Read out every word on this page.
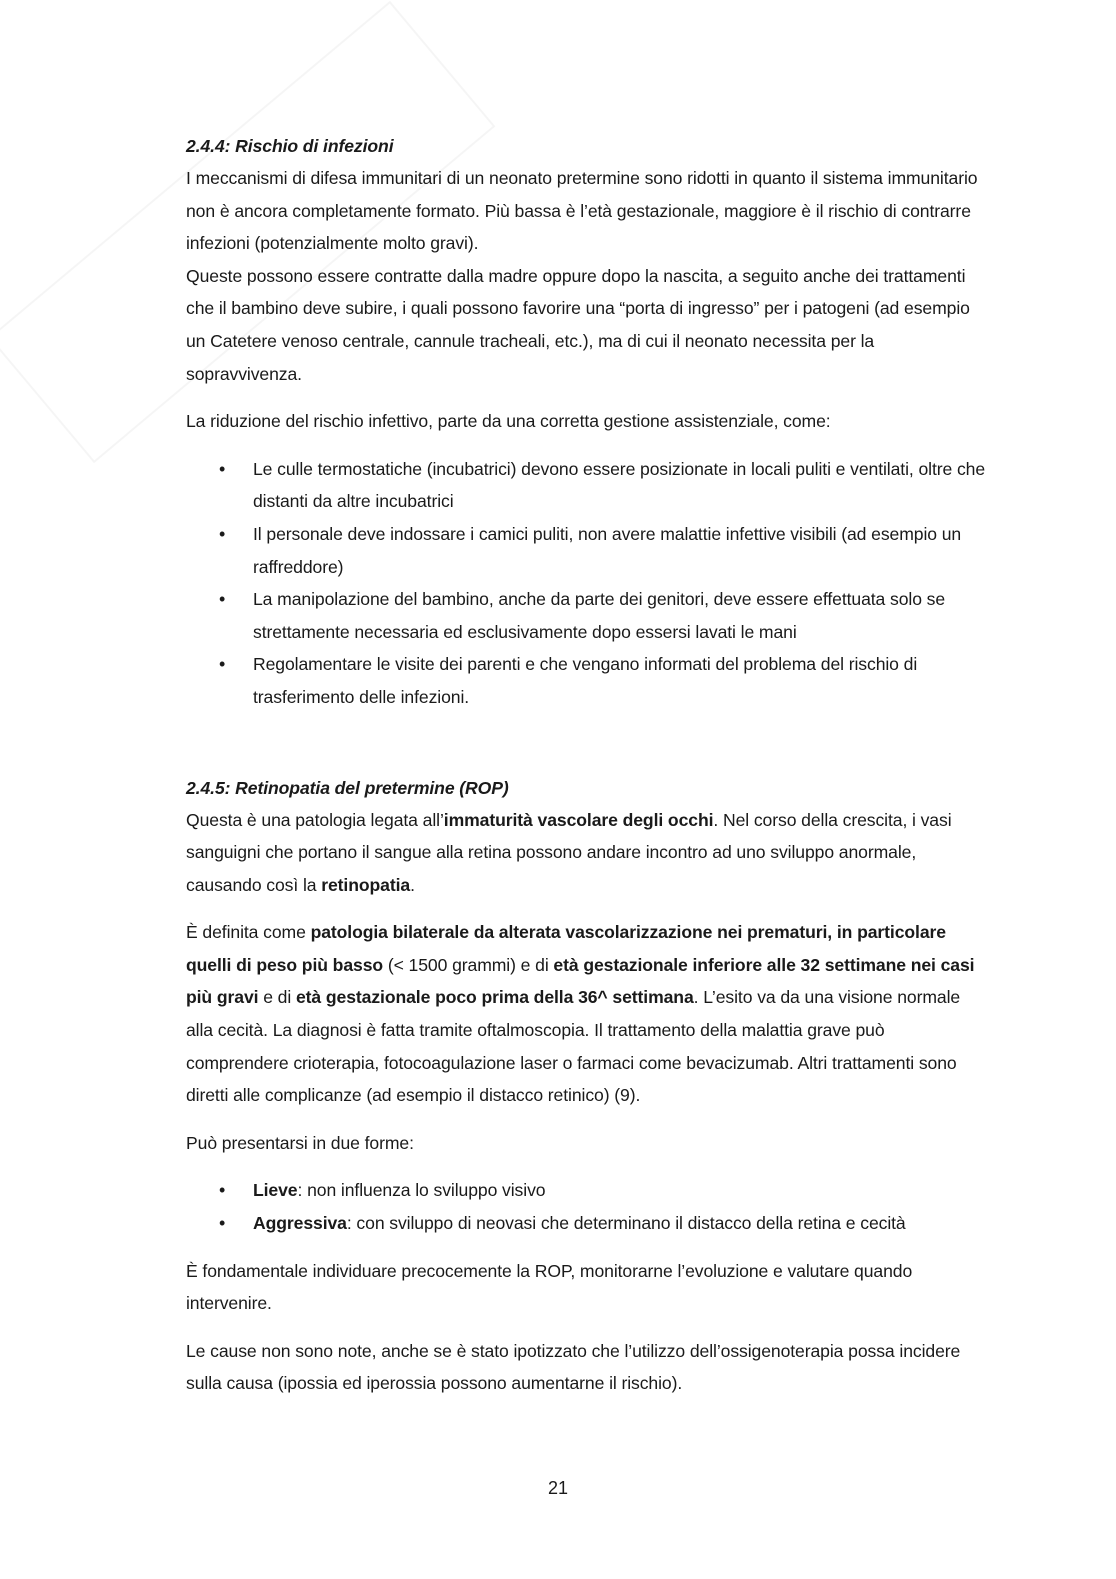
2.4.4: Rischio di infezioni

I meccanismi di difesa immunitari di un neonato pretermine sono ridotti in quanto il sistema immunitario non è ancora completamente formato. Più bassa è l’età gestazionale, maggiore è il rischio di contrarre infezioni (potenzialmente molto gravi).

Queste possono essere contratte dalla madre oppure dopo la nascita, a seguito anche dei trattamenti che il bambino deve subire, i quali possono favorire una “porta di ingresso” per i patogeni (ad esempio un Catetere venoso centrale, cannule tracheali, etc.), ma di cui il neonato necessita per la sopravvivenza.

La riduzione del rischio infettivo, parte da una corretta gestione assistenziale, come:

• Le culle termostatiche (incubatrici) devono essere posizionate in locali puliti e ventilati, oltre che distanti da altre incubatrici
• Il personale deve indossare i camici puliti, non avere malattie infettive visibili (ad esempio un raffreddore)
• La manipolazione del bambino, anche da parte dei genitori, deve essere effettuata solo se strettamente necessaria ed esclusivamente dopo essersi lavati le mani
• Regolamentare le visite dei parenti e che vengano informati del problema del rischio di trasferimento delle infezioni.

2.4.5: Retinopatia del pretermine (ROP)

Questa è una patologia legata all’immaturità vascolare degli occhi. Nel corso della crescita, i vasi sanguigni che portano il sangue alla retina possono andare incontro ad uno sviluppo anormale, causando così la retinopatia.

È definita come patologia bilaterale da alterata vascolarizzazione nei prematuri, in particolare quelli di peso più basso (< 1500 grammi) e di età gestazionale inferiore alle 32 settimane nei casi più gravi e di età gestazionale poco prima della 36^ settimana. L’esito va da una visione normale alla cecità. La diagnosi è fatta tramite oftalmoscopia. Il trattamento della malattia grave può comprendere crioterapia, fotocoagulazione laser o farmaci come bevacizumab. Altri trattamenti sono diretti alle complicanze (ad esempio il distacco retinico) (9).

Può presentarsi in due forme:

• Lieve: non influenza lo sviluppo visivo
• Aggressiva: con sviluppo di neovasi che determinano il distacco della retina e cecità

È fondamentale individuare precocemente la ROP, monitorarne l’evoluzione e valutare quando intervenire.

Le cause non sono note, anche se è stato ipotizzato che l’utilizzo dell’ossigenoterapia possa incidere sulla causa (ipossia ed iperossia possono aumentarne il rischio).

21
